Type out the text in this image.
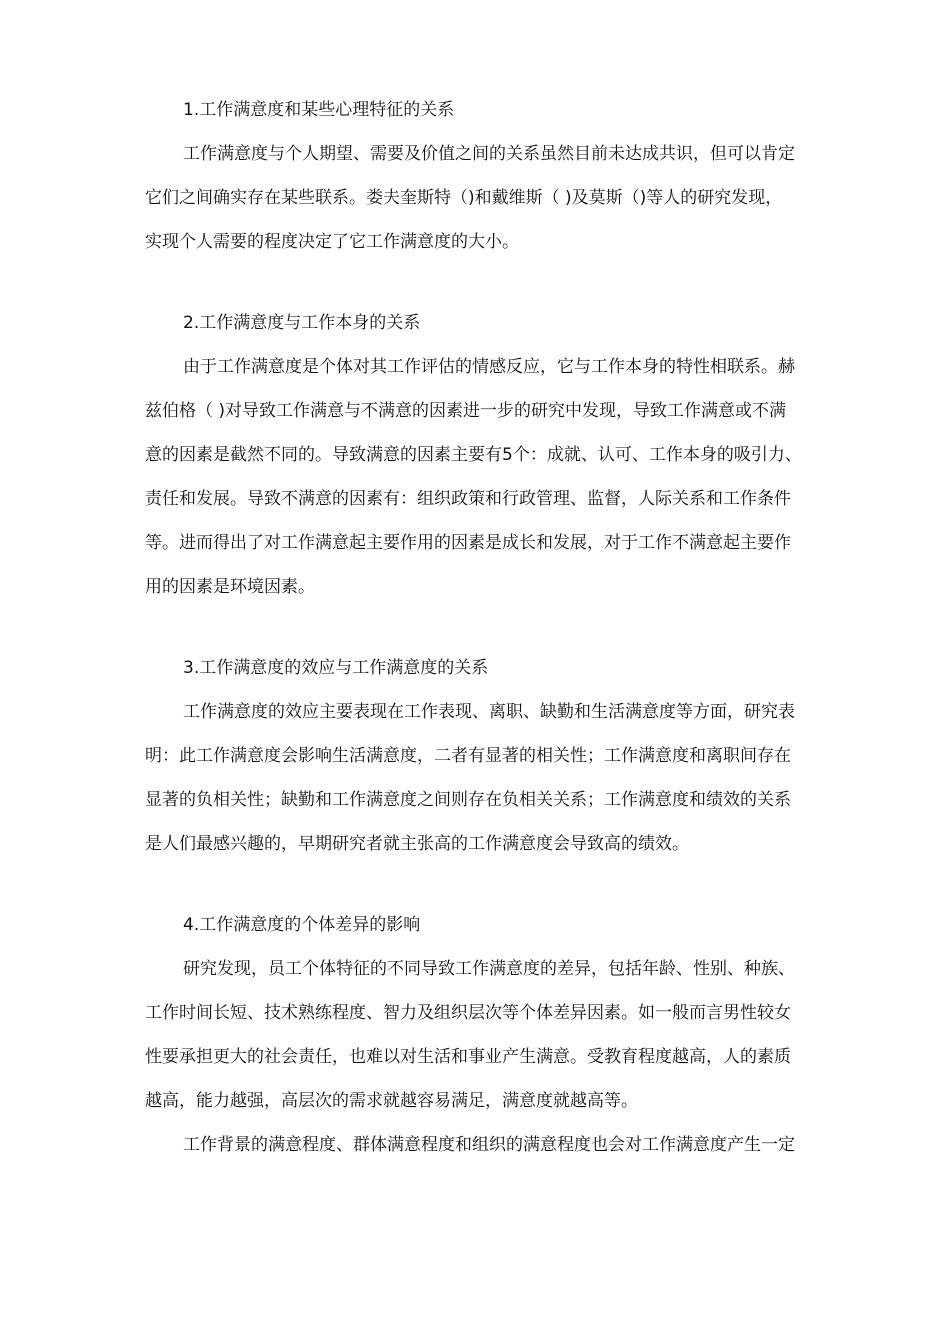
1.工作满意度和某些心理特征的关系

工作满意度与个人期望、需要及价值之间的关系虽然目前未达成共识，但可以肯定

它们之间确实存在某些联系。娄夫奎斯特（)和戴维斯（ )及莫斯（)等人的研究发现，

实现个人需要的程度决定了它工作满意度的大小。

2.工作满意度与工作本身的关系

由于工作满意度是个体对其工作评估的情感反应，它与工作本身的特性相联系。赫

兹伯格（ )对导致工作满意与不满意的因素进一步的研究中发现，导致工作满意或不满

意的因素是截然不同的。导致满意的因素主要有5个：成就、认可、工作本身的吸引力、

责任和发展。导致不满意的因素有：组织政策和行政管理、监督，人际关系和工作条件

等。进而得出了对工作满意起主要作用的因素是成长和发展，对于工作不满意起主要作

用的因素是环境因素。

3.工作满意度的效应与工作满意度的关系

工作满意度的效应主要表现在工作表现、离职、缺勤和生活满意度等方面，研究表

明：此工作满意度会影响生活满意度，二者有显著的相关性；工作满意度和离职间存在

显著的负相关性；缺勤和工作满意度之间则存在负相关关系；工作满意度和绩效的关系

是人们最感兴趣的，早期研究者就主张高的工作满意度会导致高的绩效。

4.工作满意度的个体差异的影响

研究发现，员工个体特征的不同导致工作满意度的差异，包括年龄、性别、种族、

工作时间长短、技术熟练程度、智力及组织层次等个体差异因素。如一般而言男性较女

性要承担更大的社会责任，也难以对生活和事业产生满意。受教育程度越高，人的素质

越高，能力越强，高层次的需求就越容易满足，满意度就越高等。

工作背景的满意程度、群体满意程度和组织的满意程度也会对工作满意度产生一定
